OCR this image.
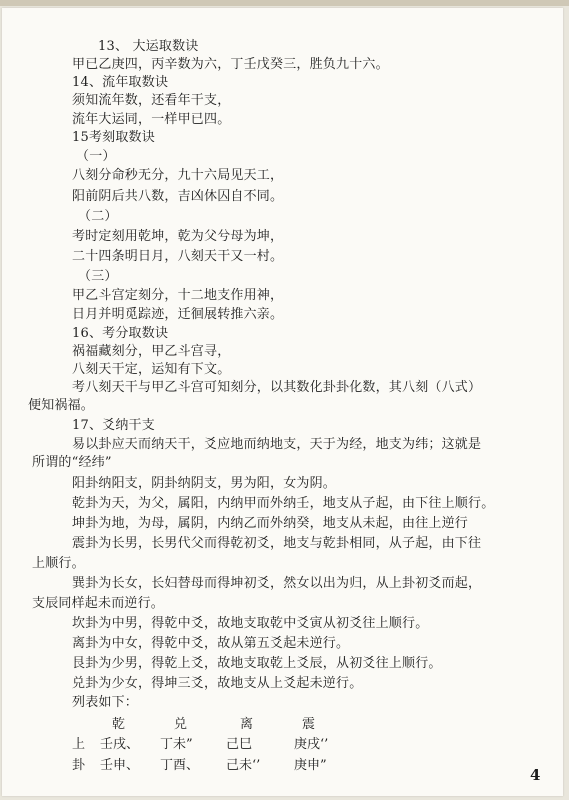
13、 大运取数诀
甲已乙庚四，丙辛数为六，丁壬戊癸三，胜负九十六。
14、流年取数诀
须知流年数，还看年干支，
流年大运同，一样甲已四。
15考刻取数诀
（一）
八刻分命秒无分，九十六局见天工，
阳前阴后共八数，吉凶休囚自不同。
（二）
考时定刻用乾坤，乾为父兮母为坤，
二十四条明日月，八刻天干又一村。
（三）
甲乙斗宫定刻分，十二地支作用神，
日月并明觅踪迹，迁徊展转推六亲。
16、考分取数诀
祸福藏刻分，甲乙斗宫寻，
八刻天干定，运知有下文。
考八刻天干与甲乙斗宫可知刻分，以其数化卦卦化数，其八刻（八式）
便知祸福。
17、爻纳干支
易以卦应天而纳天干，爻应地而纳地支，天于为经，地支为纬；这就是
所谓的“经纬”
阳卦纳阳支，阴卦纳阴支，男为阳，女为阴。
乾卦为天，为父，属阳，内纳甲而外纳壬，地支从子起，由下往上顺行。
坤卦为地，为母，属阴，内纳乙而外纳癸，地支从未起，由往上逆行
震卦为长男，长男代父而得乾初爻，地支与乾卦相同，从子起，由下往
上顺行。
巽卦为长女，长妇替母而得坤初爻，然女以出为归，从上卦初爻而起，
支辰同样起未而逆行。
坎卦为中男，得乾中爻，故地支取乾中爻寅从初爻往上顺行。
离卦为中女，得乾中爻，故从第五爻起未逆行。
艮卦为少男，得乾上爻，故地支取乾上爻辰，从初爻往上顺行。
兑卦为少女，得坤三爻，故地支从上爻起未逆行。
列表如下：
乾	兑	离	震
上 壬戌、 丁未”	己巳	庚戌‘’
卦 壬申、 丁酉、 己未‘’	庚申”
4
